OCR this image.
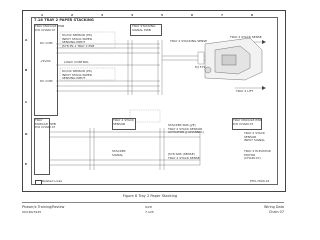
1	2	3	4	5	6	7	8
A
B
C
D
E
7.18 TRAY 2 PAPER STACKING
TRAY MODULE PWB
P/O CHAIN 07
DC COM
+5VDC
DC COM
DC/OX SENSOR (PS)
INPUT STACK PAPER
SENSING INPUT
J578 PS-1 TRAY 2 PSB
LOGIC CONTROL
DC/OX SENSOR (PS)
INPUT STACK PAPER
SENSING INPUT
TRAY 2 STACK SENSE
P/J 579
TRAY 2 STACKING SENSE
TRAY 2 LIFT
TRAY STACKING
SIGNAL PWB
TRAY
MODULE PWB
P/O CHAIN 07
TRAY 2 STACK
SENSOR	STACKER SNS (J/E)
TRAY 2 STACK SENSOR
ACTUATOR (J-CHANNEL)
J578 SNS (SENSE)
TRAY 2 STACK SENSE
STACKER
SIGNAL
TRAY MODULE PWB
P/O CHAIN 07
TRAY 2 STACK
SENSOR
INPUT SIGNAL
TRAY 2 ELEVATOR
MOTOR
(CHAIN 07)
Related Links	PHS-7600-01
Figure 8 Tray 2 Paper Stacking
Phaser/x Training/Review
00/180/3245
9/28
7-125
Wiring Data
Chain 07
